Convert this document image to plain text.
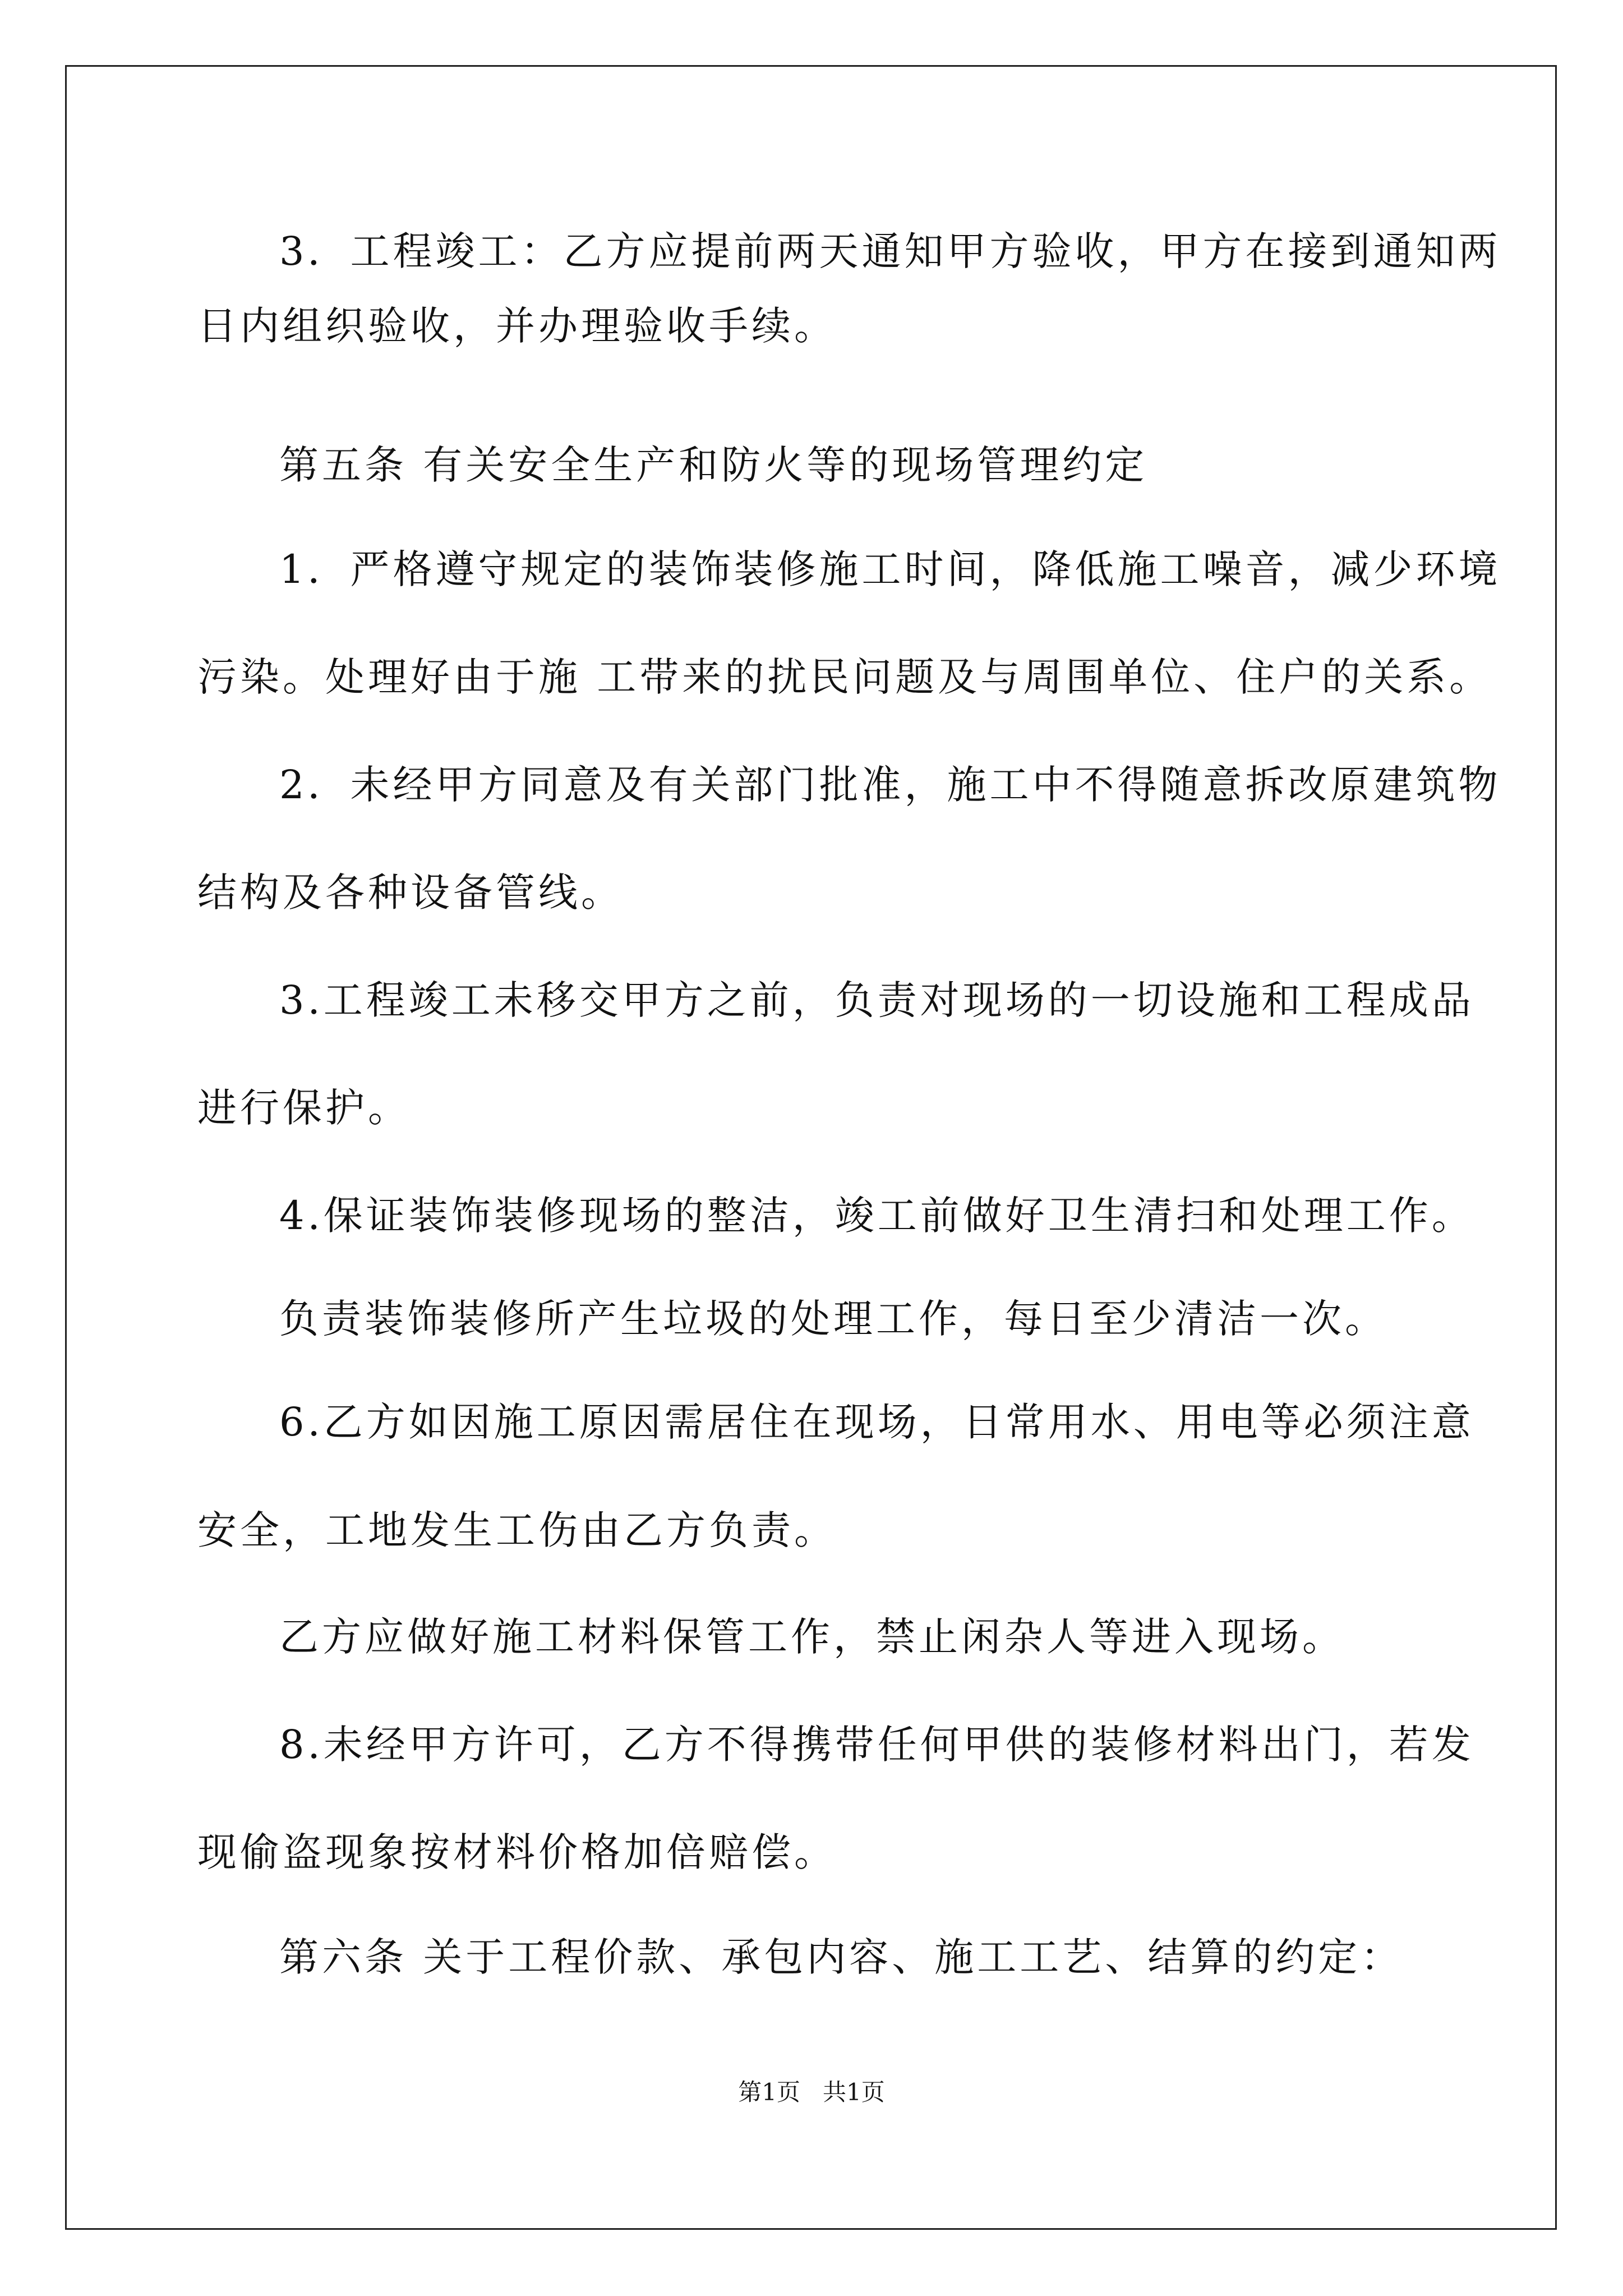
3．工程竣工：乙方应提前两天通知甲方验收，甲方在接到通知两
日内组织验收，并办理验收手续。
第五条 有关安全生产和防火等的现场管理约定
1．严格遵守规定的装饰装修施工时间，降低施工噪音，减少环境
污染。处理好由于施 工带来的扰民问题及与周围单位、住户的关系。
2．未经甲方同意及有关部门批准，施工中不得随意拆改原建筑物
结构及各种设备管线。
3.工程竣工未移交甲方之前，负责对现场的一切设施和工程成品
进行保护。
4.保证装饰装修现场的整洁，竣工前做好卫生清扫和处理工作。
负责装饰装修所产生垃圾的处理工作，每日至少清洁一次。
6.乙方如因施工原因需居住在现场，日常用水、用电等必须注意
安全，工地发生工伤由乙方负责。
乙方应做好施工材料保管工作，禁止闲杂人等进入现场。
8.未经甲方许可，乙方不得携带任何甲供的装修材料出门，若发
现偷盗现象按材料价格加倍赔偿。
第六条 关于工程价款、承包内容、施工工艺、结算的约定：
第1页   共1页
